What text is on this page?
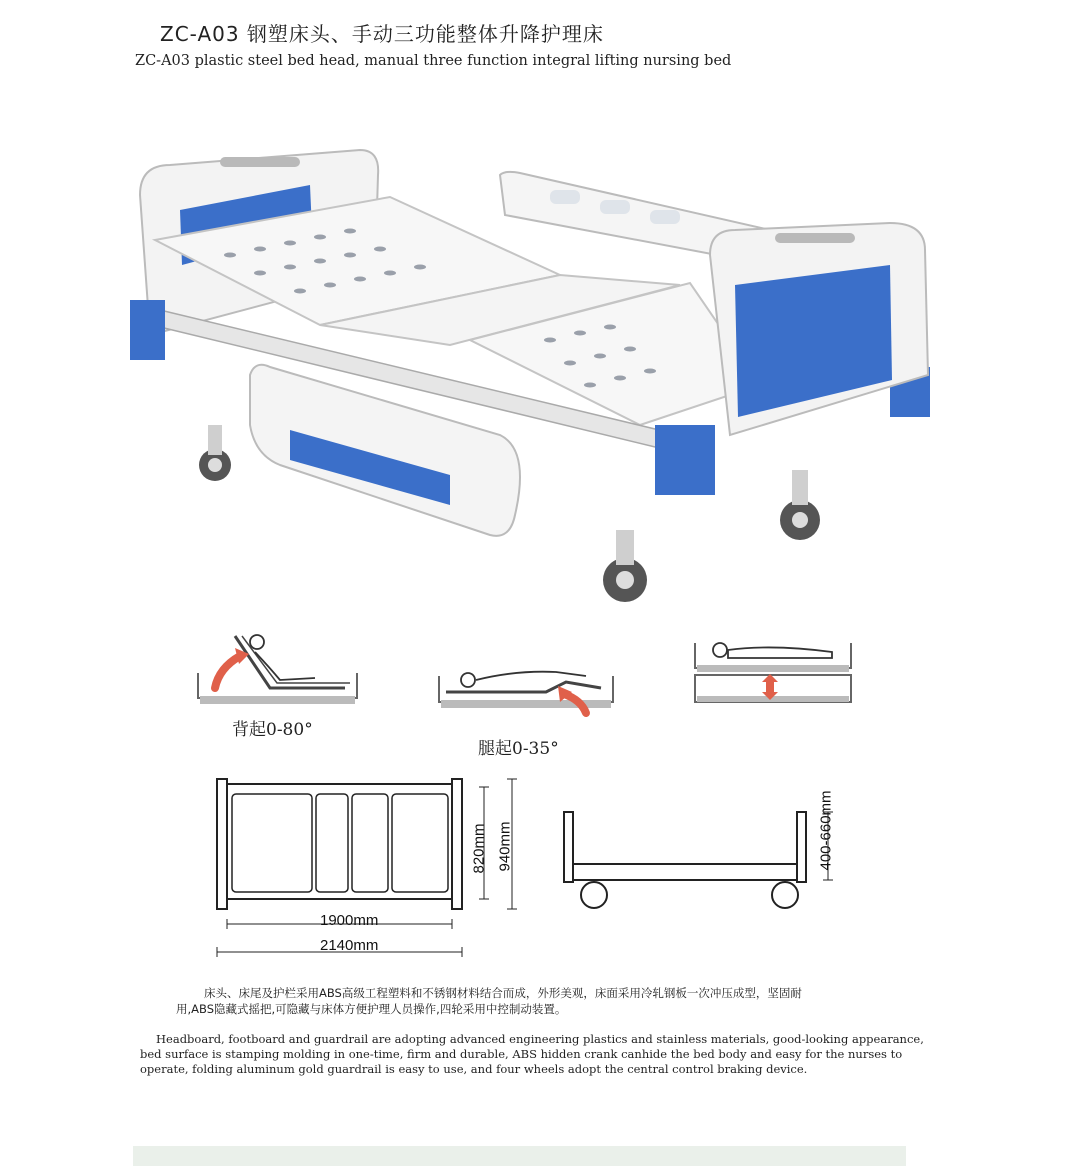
ZC-A03 钢塑床头、手动三功能整体升降护理床
ZC-A03 plastic steel bed head, manual three function integral lifting nursing bed
背起0-80°
腿起0-35°
1900mm
2140mm
820mm 940mm	400-660mm
床头、床尾及护栏采用ABS高级工程塑料和不锈钢材料结合而成，外形美观，床面采用冷轧钢板一次冲压成型，坚固耐用,ABS隐藏式摇把,可隐藏与床体方便护理人员操作,四轮采用中控制动装置。
Headboard, footboard and guardrail are adopting advanced engineering plastics and stainless materials, good-looking appearance, bed surface is stamping molding in one-time, firm and durable, ABS hidden crank canhide the bed body and easy for the nurses to operate, folding aluminum gold guardrail is easy to use, and four wheels adopt the central control braking device.
